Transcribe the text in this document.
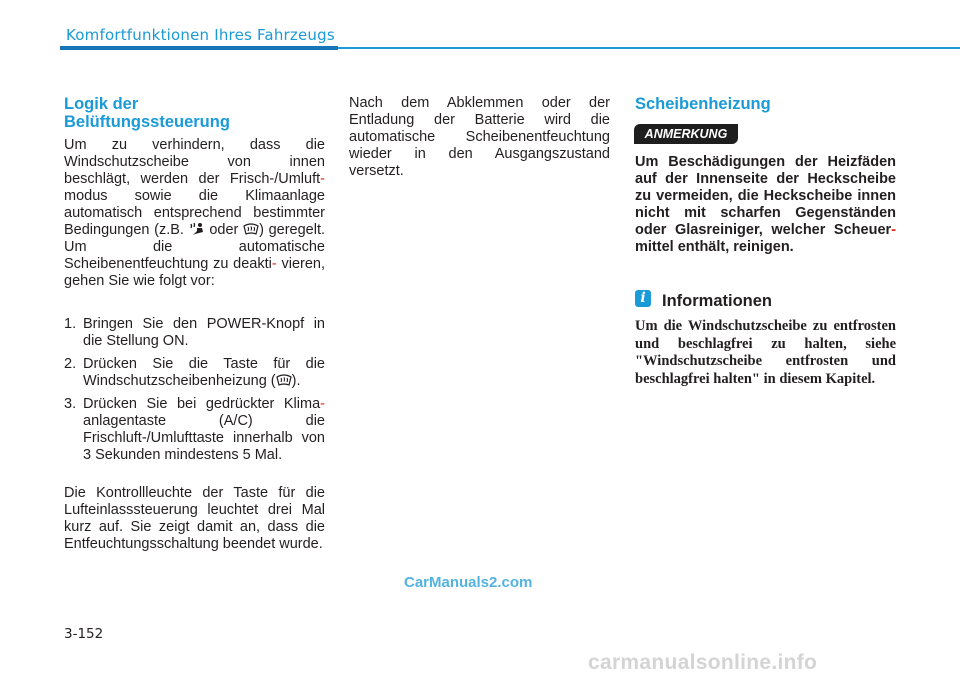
Komfortfunktionen Ihres Fahrzeugs
Logik der
Belüftungssteuerung
Um zu verhindern, dass die Windschutzscheibe von innen beschlägt, werden der Frisch-/Umluft- modus sowie die Klimaanlage automatisch entsprechend bestimmter Bedingungen (z.B. oder ) geregelt. Um die automatische Scheibenentfeuchtung zu deakti- vieren, gehen Sie wie folgt vor:
1. Bringen Sie den POWER-Knopf in die Stellung ON.
2. Drücken Sie die Taste für die Windschutzscheibenheizung ( ).
3. Drücken Sie bei gedrückter Klima- anlagentaste (A/C) die Frischluft-/Umlufttaste innerhalb von 3 Sekunden mindestens 5 Mal.
Die Kontrollleuchte der Taste für die Lufteinlasssteuerung leuchtet drei Mal kurz auf. Sie zeigt damit an, dass die Entfeuchtungsschaltung beendet wurde.
Nach dem Abklemmen oder der Entladung der Batterie wird die automatische Scheibenentfeuchtung wieder in den Ausgangszustand versetzt.
Scheibenheizung
ANMERKUNG
Um Beschädigungen der Heizfäden auf der Innenseite der Heckscheibe zu vermeiden, die Heckscheibe innen nicht mit scharfen Gegenständen oder Glasreiniger, welcher Scheuer- mittel enthält, reinigen.
i Informationen
Um die Windschutzscheibe zu entfrosten und beschlagfrei zu halten, siehe "Windschutzscheibe entfrosten und beschlagfrei halten" in diesem Kapitel.
CarManuals2.com
3-152
carmanualsonline.info
